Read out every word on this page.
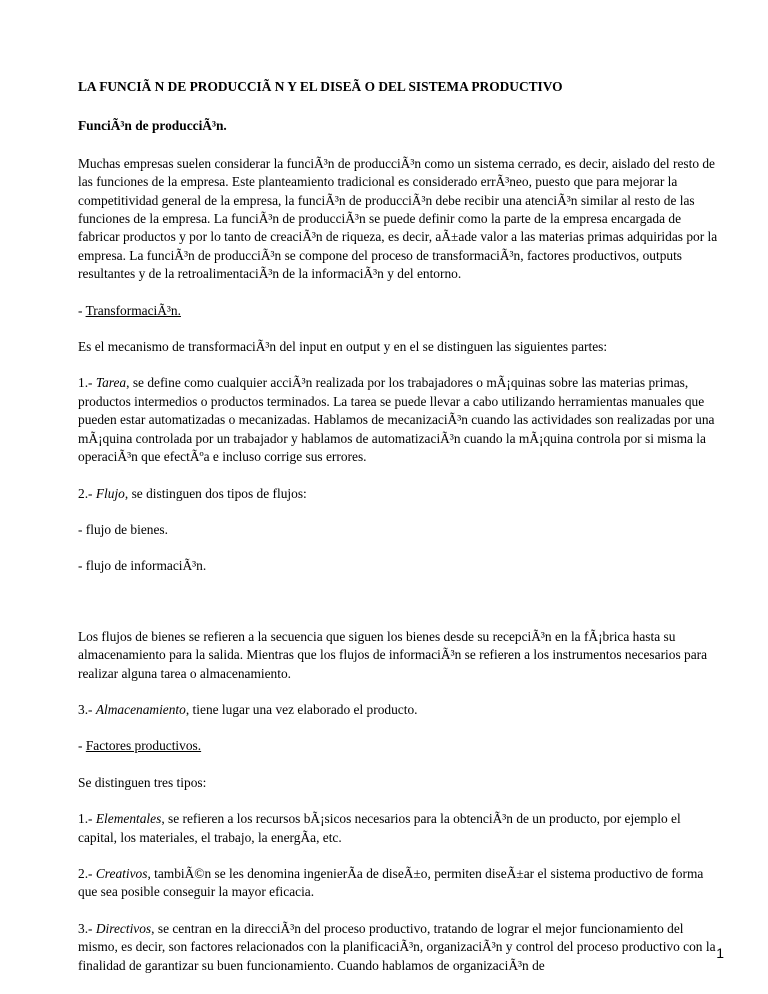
LA FUNCIÃ N DE PRODUCCIÃ N Y EL DISEÃ O DEL SISTEMA PRODUCTIVO
FunciÃ³n de producciÃ³n.

Muchas empresas suelen considerar la funciÃ³n de producciÃ³n como un sistema cerrado, es decir, aislado del resto de las funciones de la empresa. Este planteamiento tradicional es considerado errÃ³neo, puesto que para mejorar la competitividad general de la empresa, la funciÃ³n de producciÃ³n debe recibir una atenciÃ³n similar al resto de las funciones de la empresa. La funciÃ³n de producciÃ³n se puede definir como la parte de la empresa encargada de fabricar productos y por lo tanto de creaciÃ³n de riqueza, es decir, aÃ±ade valor a las materias primas adquiridas por la empresa. La funciÃ³n de producciÃ³n se compone del proceso de transformaciÃ³n, factores productivos, outputs resultantes y de la retroalimentaciÃ³n de la informaciÃ³n y del entorno.

- TransformaciÃ³n.

Es el mecanismo de transformaciÃ³n del input en output y en el se distinguen las siguientes partes:

1.- Tarea, se define como cualquier acciÃ³n realizada por los trabajadores o mÃ¡quinas sobre las materias primas, productos intermedios o productos terminados. La tarea se puede llevar a cabo utilizando herramientas manuales que pueden estar automatizadas o mecanizadas. Hablamos de mecanizaciÃ³n cuando las actividades son realizadas por una mÃ¡quina controlada por un trabajador y hablamos de automatizaciÃ³n cuando la mÃ¡quina controla por si misma la operaciÃ³n que efectÃºa e incluso corrige sus errores.

2.- Flujo, se distinguen dos tipos de flujos:

- flujo de bienes.

- flujo de informaciÃ³n.

Los flujos de bienes se refieren a la secuencia que siguen los bienes desde su recepciÃ³n en la fÃ¡brica hasta su almacenamiento para la salida. Mientras que los flujos de informaciÃ³n se refieren a los instrumentos necesarios para realizar alguna tarea o almacenamiento.

3.- Almacenamiento, tiene lugar una vez elaborado el producto.

- Factores productivos.

Se distinguen tres tipos:

1.- Elementales, se refieren a los recursos bÃ¡sicos necesarios para la obtenciÃ³n de un producto, por ejemplo el capital, los materiales, el trabajo, la energÃa, etc.

2.- Creativos, tambiÃ©n se les denomina ingenierÃa de diseÃ±o, permiten diseÃ±ar el sistema productivo de forma que sea posible conseguir la mayor eficacia.

3.- Directivos, se centran en la direcciÃ³n del proceso productivo, tratando de lograr el mejor funcionamiento del mismo, es decir, son factores relacionados con la planificaciÃ³n, organizaciÃ³n y control del proceso productivo con la finalidad de garantizar su buen funcionamiento. Cuando hablamos de organizaciÃ³n de

1
